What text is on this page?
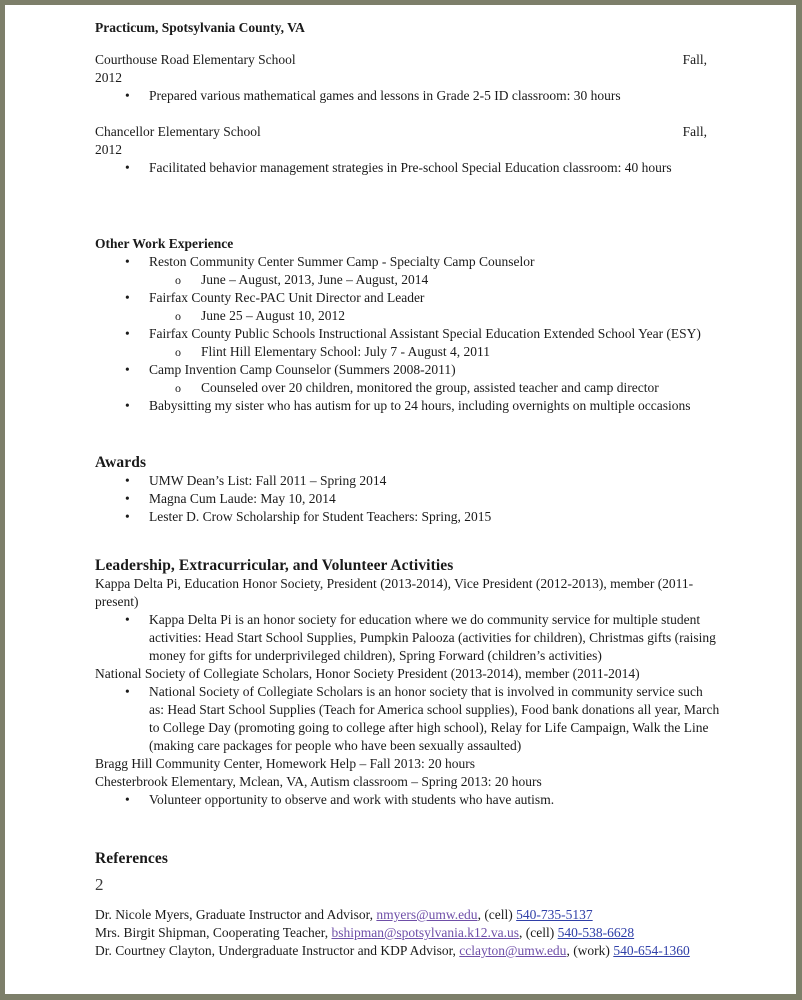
Practicum, Spotsylvania County, VA

Courthouse Road Elementary School	Fall,

2012

• Prepared various mathematical games and lessons in Grade 2-5 ID classroom: 30 hours

Chancellor Elementary School	Fall,

2012

• Facilitated behavior management strategies in Pre-school Special Education classroom: 40 hours

Other Work Experience

• Reston Community Center Summer Camp - Specialty Camp Counselor
o June – August, 2013, June – August, 2014
• Fairfax County Rec-PAC Unit Director and Leader
o June 25 – August 10, 2012
• Fairfax County Public Schools Instructional Assistant Special Education Extended School Year (ESY)
o Flint Hill Elementary School: July 7 - August 4, 2011
• Camp Invention Camp Counselor (Summers 2008-2011)
o Counseled over 20 children, monitored the group, assisted teacher and camp director
• Babysitting my sister who has autism for up to 24 hours, including overnights on multiple occasions

Awards

• UMW Dean’s List: Fall 2011 – Spring 2014
• Magna Cum Laude: May 10, 2014
• Lester D. Crow Scholarship for Student Teachers: Spring, 2015

Leadership, Extracurricular, and Volunteer Activities

Kappa Delta Pi, Education Honor Society, President (2013-2014), Vice President (2012-2013), member (2011-present)

• Kappa Delta Pi is an honor society for education where we do community service for multiple student activities: Head Start School Supplies, Pumpkin Palooza (activities for children), Christmas gifts (raising money for gifts for underprivileged children), Spring Forward (children’s activities)

National Society of Collegiate Scholars, Honor Society President (2013-2014), member (2011-2014)

• National Society of Collegiate Scholars is an honor society that is involved in community service such as: Head Start School Supplies (Teach for America school supplies), Food bank donations all year, March to College Day (promoting going to college after high school), Relay for Life Campaign, Walk the Line (making care packages for people who have been sexually assaulted)

Bragg Hill Community Center, Homework Help – Fall 2013: 20 hours

Chesterbrook Elementary, Mclean, VA, Autism classroom – Spring 2013: 20 hours

• Volunteer opportunity to observe and work with students who have autism.

References

Dr. Nicole Myers, Graduate Instructor and Advisor, nmyers@umw.edu, (cell) 540-735-5137

Mrs. Birgit Shipman, Cooperating Teacher, bshipman@spotsylvania.k12.va.us, (cell) 540-538-6628

Dr. Courtney Clayton, Undergraduate Instructor and KDP Advisor, cclayton@umw.edu, (work) 540-654-1360

2
